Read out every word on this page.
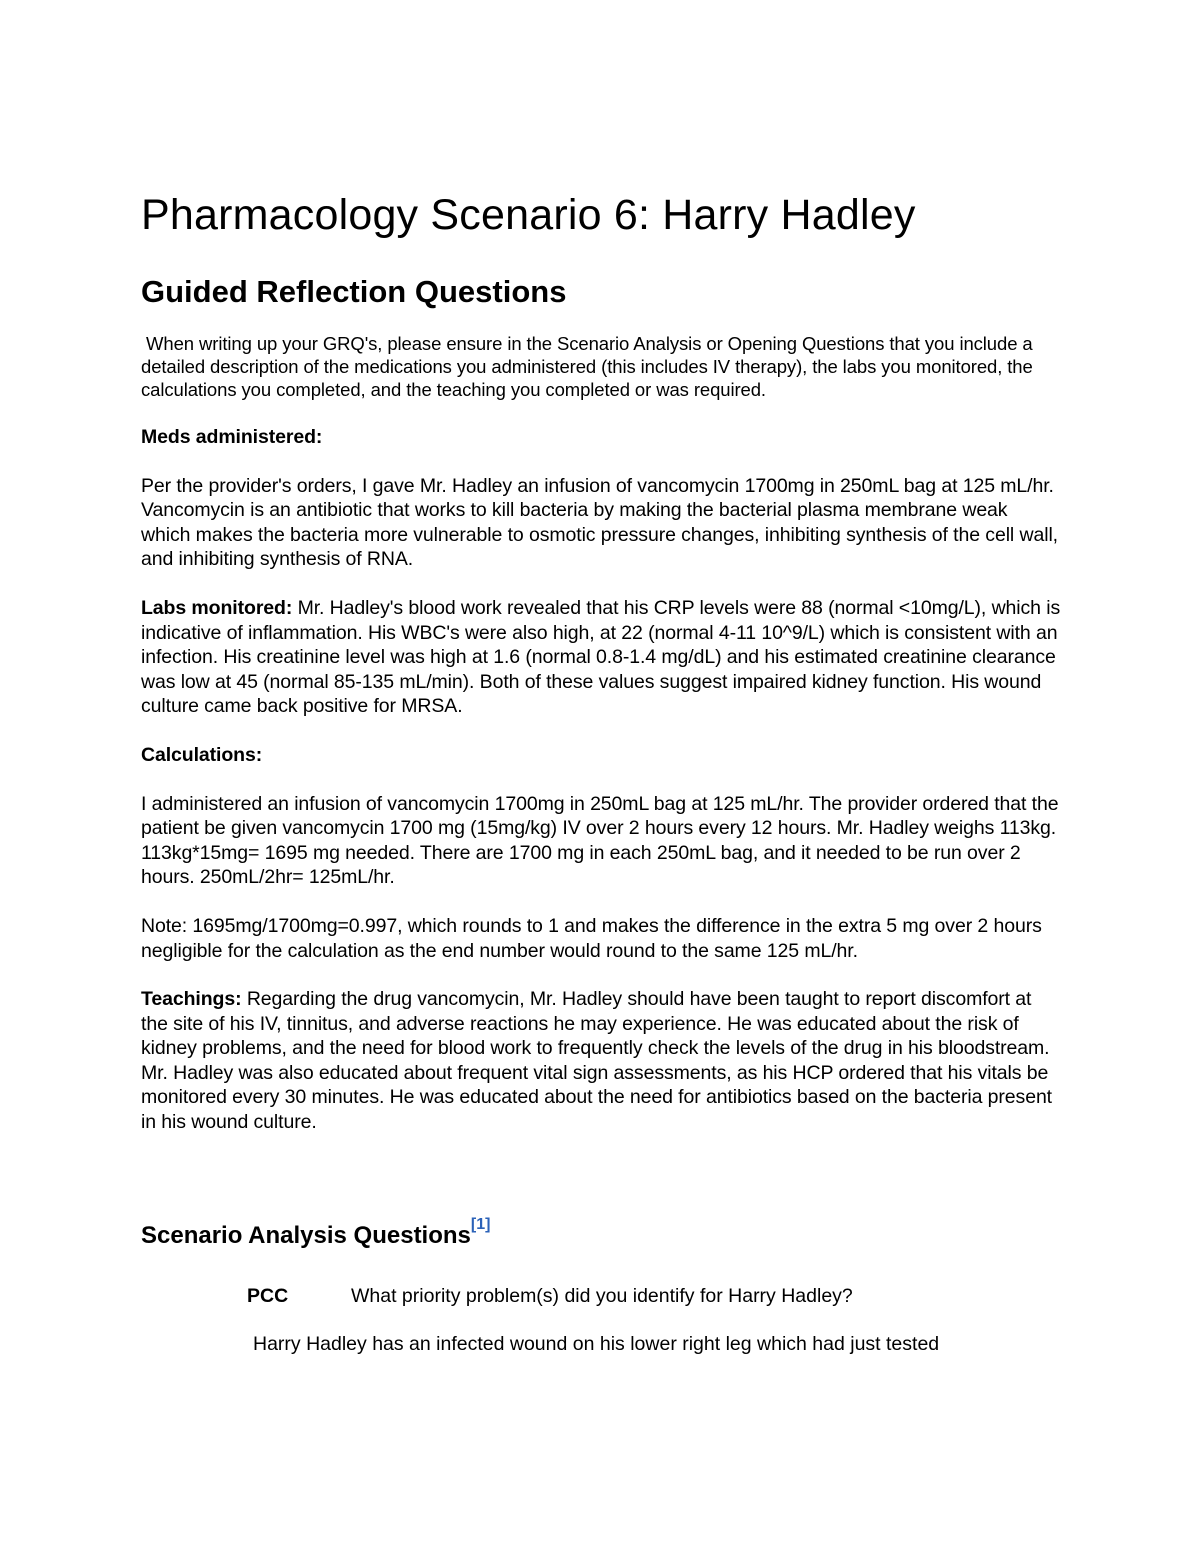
Pharmacology Scenario 6: Harry Hadley
Guided Reflection Questions

When writing up your GRQ's, please ensure in the Scenario Analysis or Opening Questions that you include a detailed description of the medications you administered (this includes IV therapy), the labs you monitored, the calculations you completed, and the teaching you completed or was required.

Meds administered:

Per the provider's orders, I gave Mr. Hadley an infusion of vancomycin 1700mg in 250mL bag at 125 mL/hr. Vancomycin is an antibiotic that works to kill bacteria by making the bacterial plasma membrane weak which makes the bacteria more vulnerable to osmotic pressure changes, inhibiting synthesis of the cell wall, and inhibiting synthesis of RNA.

Labs monitored: Mr. Hadley's blood work revealed that his CRP levels were 88 (normal <10mg/L), which is indicative of inflammation. His WBC's were also high, at 22 (normal 4-11 10^9/L) which is consistent with an infection. His creatinine level was high at 1.6 (normal 0.8-1.4 mg/dL) and his estimated creatinine clearance was low at 45 (normal 85-135 mL/min). Both of these values suggest impaired kidney function. His wound culture came back positive for MRSA.

Calculations:

I administered an infusion of vancomycin 1700mg in 250mL bag at 125 mL/hr. The provider ordered that the patient be given vancomycin 1700 mg (15mg/kg) IV over 2 hours every 12 hours. Mr. Hadley weighs 113kg. 113kg*15mg= 1695 mg needed. There are 1700 mg in each 250mL bag, and it needed to be run over 2 hours. 250mL/2hr= 125mL/hr.

Note: 1695mg/1700mg=0.997, which rounds to 1 and makes the difference in the extra 5 mg over 2 hours negligible for the calculation as the end number would round to the same 125 mL/hr.

Teachings: Regarding the drug vancomycin, Mr. Hadley should have been taught to report discomfort at the site of his IV, tinnitus, and adverse reactions he may experience. He was educated about the risk of kidney problems, and the need for blood work to frequently check the levels of the drug in his bloodstream. Mr. Hadley was also educated about frequent vital sign assessments, as his HCP ordered that his vitals be monitored every 30 minutes. He was educated about the need for antibiotics based on the bacteria present in his wound culture.

Scenario Analysis Questions[1]
PCC	What priority problem(s) did you identify for Harry Hadley?
Harry Hadley has an infected wound on his lower right leg which had just tested
